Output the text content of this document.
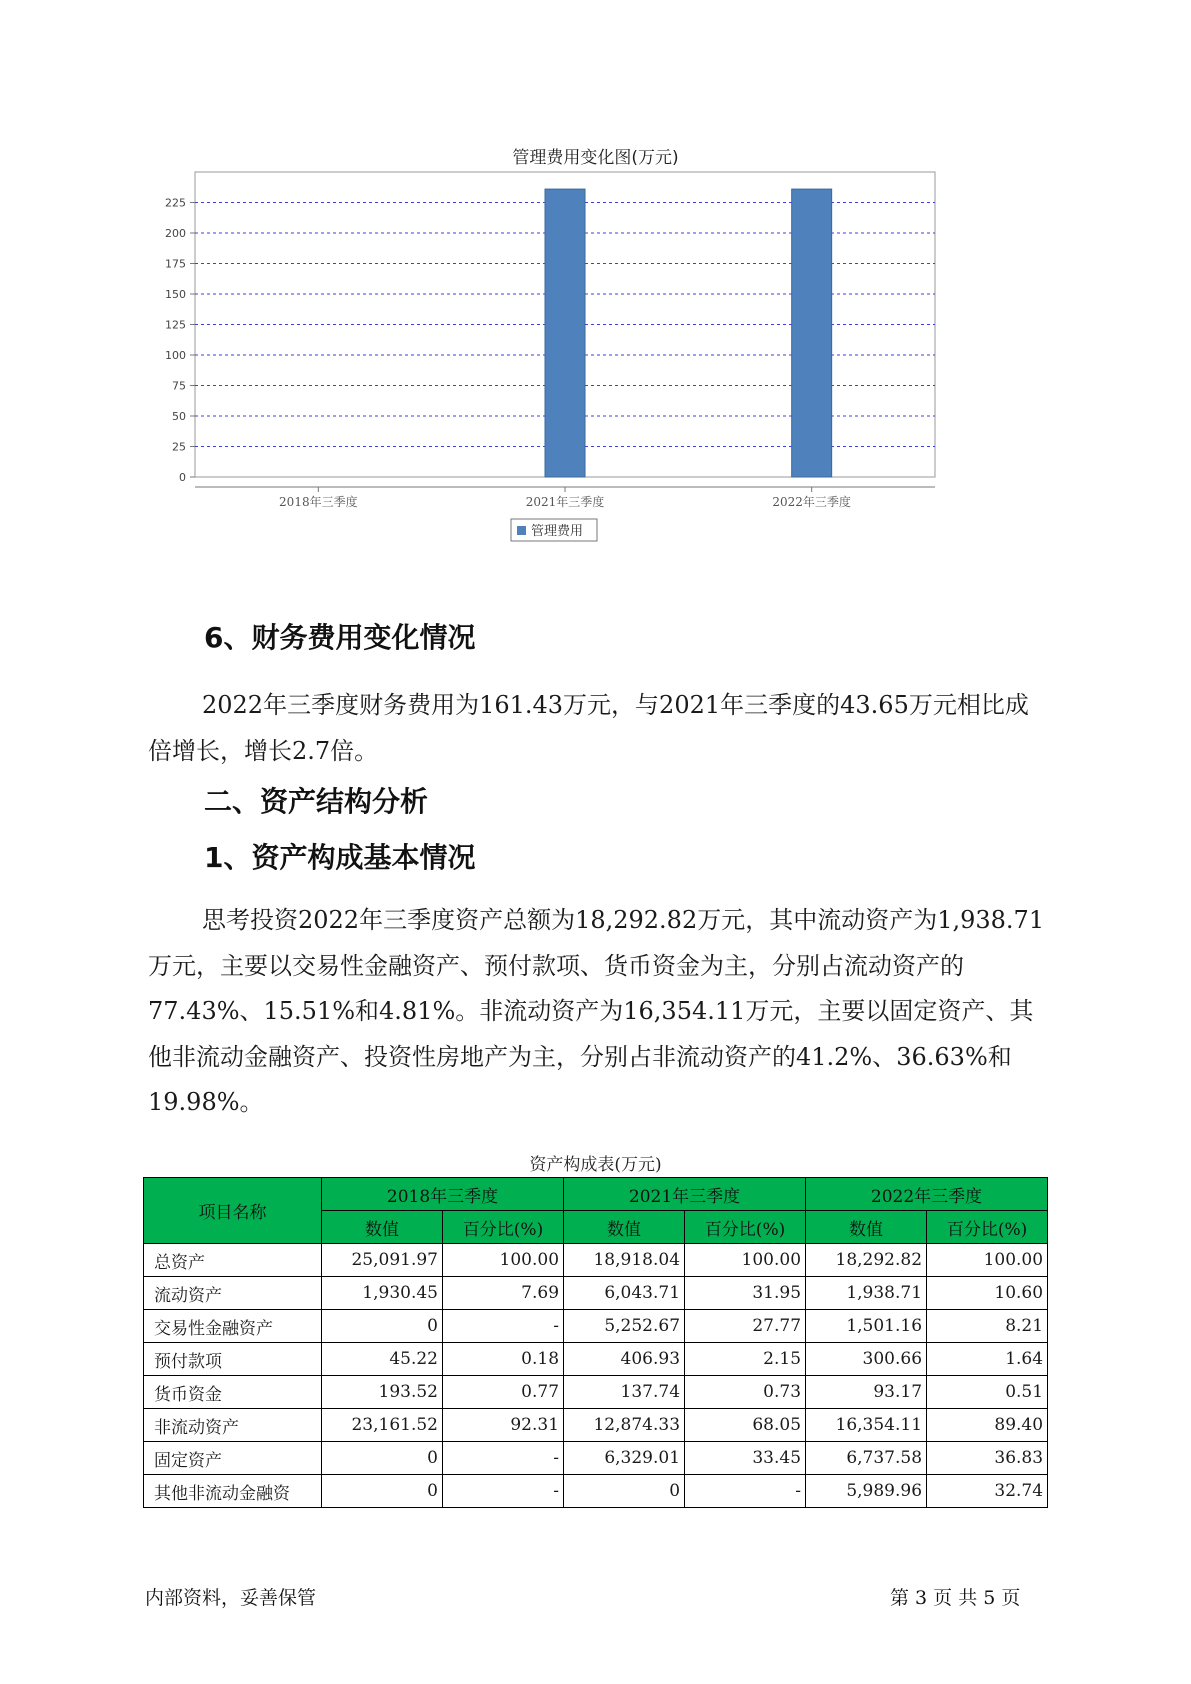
管理费用变化图(万元)
0
25
50
75
100
125
150
175
200
225
2018年三季度	2021年三季度	2022年三季度
管理费用
6、财务费用变化情况

2022年三季度财务费用为161.43万元，与2021年三季度的43.65万元相比成倍增长，增长2.7倍。

二、资产结构分析
1、资产构成基本情况

思考投资2022年三季度资产总额为18,292.82万元，其中流动资产为1,938.71万元，主要以交易性金融资产、预付款项、货币资金为主，分别占流动资产的77.43%、15.51%和4.81%。非流动资产为16,354.11万元，主要以固定资产、其他非流动金融资产、投资性房地产为主，分别占非流动资产的41.2%、36.63%和19.98%。

资产构成表(万元)
项目名称	2018年三季度		2021年三季度		2022年三季度	
	数值	百分比(%)	数值	百分比(%)	数值	百分比(%)
总资产	25,091.97	100.00	18,918.04	100.00	18,292.82	100.00
流动资产	1,930.45	7.69	6,043.71	31.95	1,938.71	10.60
交易性金融资产	0	-	5,252.67	27.77	1,501.16	8.21
预付款项	45.22	0.18	406.93	2.15	300.66	1.64
货币资金	193.52	0.77	137.74	0.73	93.17	0.51
非流动资产	23,161.52	92.31	12,874.33	68.05	16,354.11	89.40
固定资产	0	-	6,329.01	33.45	6,737.58	36.83
其他非流动金融资	0	-	0	-	5,989.96	32.74
内部资料，妥善保管	第 3 页 共 5 页
